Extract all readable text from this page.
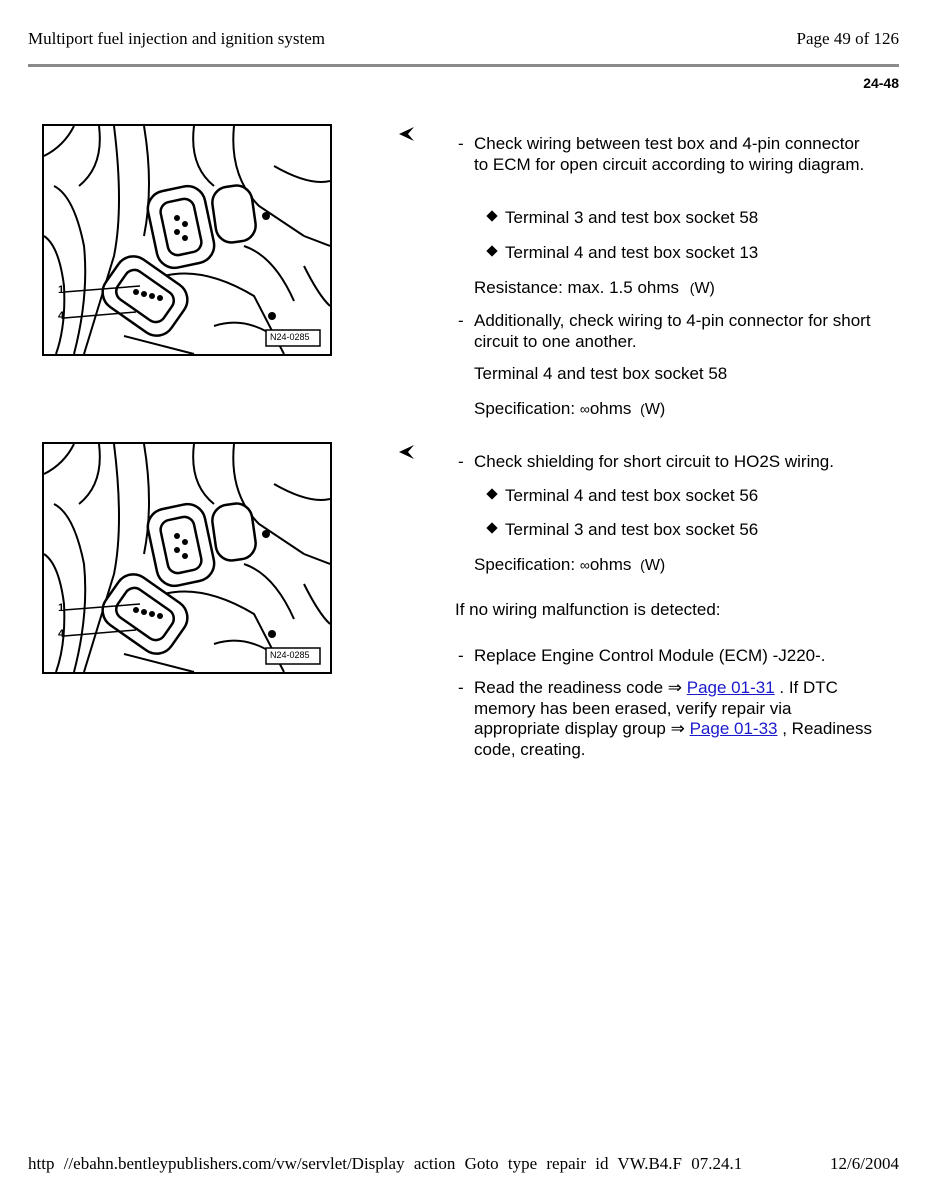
Multiport fuel injection and ignition system	Page 49 of 126
24-48
1
4
N24-0285
- Check wiring between test box and 4-pin connector to ECM for open circuit according to wiring diagram.
Terminal 3 and test box socket 58
Terminal 4 and test box socket 13
Resistance: max. 1.5 ohms (W)
- Additionally, check wiring to 4-pin connector for short circuit to one another.
Terminal 4 and test box socket 58
Specification: ∞ohms (W)
1
4
N24-0285
- Check shielding for short circuit to HO2S wiring.
Terminal 4 and test box socket 56
Terminal 3 and test box socket 56
Specification: ∞ohms (W)
If no wiring malfunction is detected:
- Replace Engine Control Module (ECM) -J220-.
- Read the readiness code ⇒ Page 01-31 . If DTC memory has been erased, verify repair via appropriate display group ⇒ Page 01-33 , Readiness code, creating.
http //ebahn.bentleypublishers.com/vw/servlet/Display action Goto type repair id VW.B4.F 07.24.1	12/6/2004
